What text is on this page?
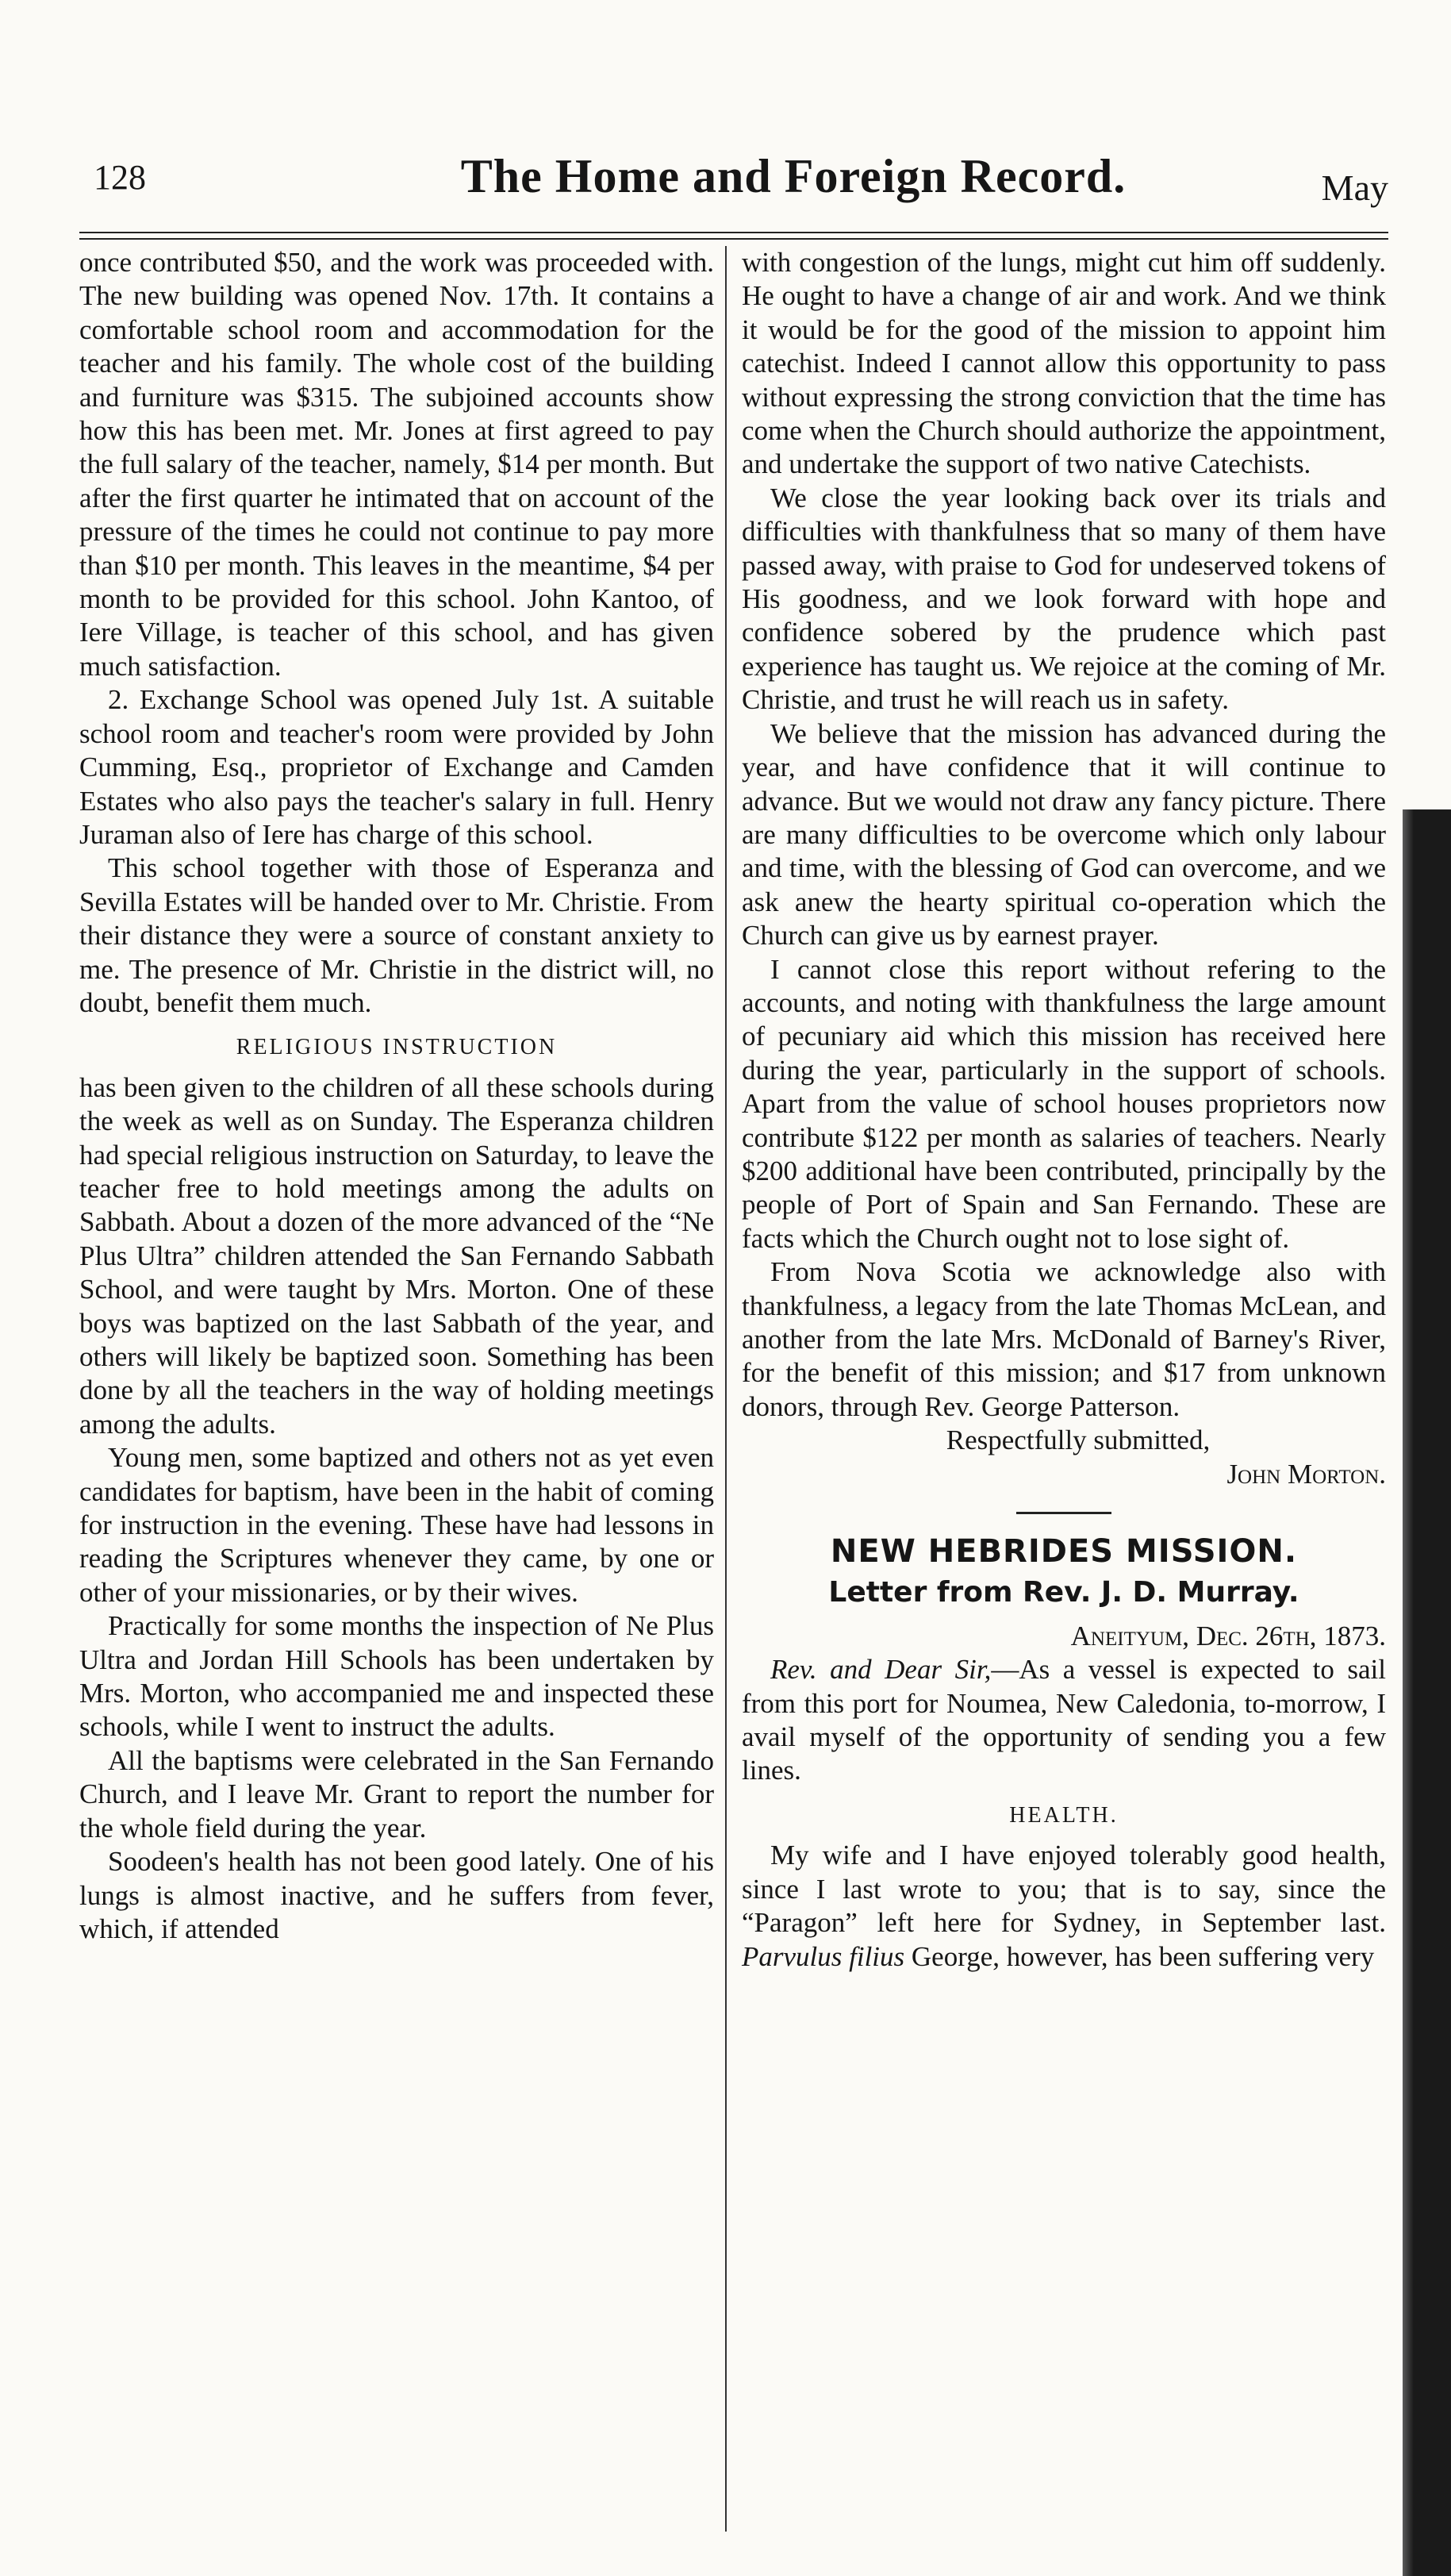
128	The Home and Foreign Record.	May

once contributed $50, and the work was proceeded with. The new building was opened Nov. 17th. It contains a comfortable school room and accommodation for the teacher and his family. The whole cost of the building and furniture was $315. The subjoined accounts show how this has been met. Mr. Jones at first agreed to pay the full salary of the teacher, namely, $14 per month. But after the first quarter he intimated that on account of the pressure of the times he could not continue to pay more than $10 per month. This leaves in the meantime, $4 per month to be provided for this school. John Kantoo, of Iere Village, is teacher of this school, and has given much satisfaction.

2. Exchange School was opened July 1st. A suitable school room and teacher's room were provided by John Cumming, Esq., proprietor of Exchange and Camden Estates who also pays the teacher's salary in full. Henry Juraman also of Iere has charge of this school.

This school together with those of Esperanza and Sevilla Estates will be handed over to Mr. Christie. From their distance they were a source of constant anxiety to me. The presence of Mr. Christie in the district will, no doubt, benefit them much.

RELIGIOUS INSTRUCTION

has been given to the children of all these schools during the week as well as on Sunday. The Esperanza children had special religious instruction on Saturday, to leave the teacher free to hold meetings among the adults on Sabbath. About a dozen of the more advanced of the “Ne Plus Ultra” children attended the San Fernando Sabbath School, and were taught by Mrs. Morton. One of these boys was baptized on the last Sabbath of the year, and others will likely be baptized soon. Something has been done by all the teachers in the way of holding meetings among the adults.

Young men, some baptized and others not as yet even candidates for baptism, have been in the habit of coming for instruction in the evening. These have had lessons in reading the Scriptures whenever they came, by one or other of your missionaries, or by their wives.

Practically for some months the inspection of Ne Plus Ultra and Jordan Hill Schools has been undertaken by Mrs. Morton, who accompanied me and inspected these schools, while I went to instruct the adults.

All the baptisms were celebrated in the San Fernando Church, and I leave Mr. Grant to report the number for the whole field during the year.

Soodeen's health has not been good lately. One of his lungs is almost inactive, and he suffers from fever, which, if attended

with congestion of the lungs, might cut him off suddenly. He ought to have a change of air and work. And we think it would be for the good of the mission to appoint him catechist. Indeed I cannot allow this opportunity to pass without expressing the strong conviction that the time has come when the Church should authorize the appointment, and undertake the support of two native Catechists.

We close the year looking back over its trials and difficulties with thankfulness that so many of them have passed away, with praise to God for undeserved tokens of His goodness, and we look forward with hope and confidence sobered by the prudence which past experience has taught us. We rejoice at the coming of Mr. Christie, and trust he will reach us in safety.

We believe that the mission has advanced during the year, and have confidence that it will continue to advance. But we would not draw any fancy picture. There are many difficulties to be overcome which only labour and time, with the blessing of God can overcome, and we ask anew the hearty spiritual co-operation which the Church can give us by earnest prayer.

I cannot close this report without refering to the accounts, and noting with thankfulness the large amount of pecuniary aid which this mission has received here during the year, particularly in the support of schools. Apart from the value of school houses proprietors now contribute $122 per month as salaries of teachers. Nearly $200 additional have been contributed, principally by the people of Port of Spain and San Fernando. These are facts which the Church ought not to lose sight of.

From Nova Scotia we acknowledge also with thankfulness, a legacy from the late Thomas McLean, and another from the late Mrs. McDonald of Barney's River, for the benefit of this mission; and $17 from unknown donors, through Rev. George Patterson.

Respectfully submitted,

John Morton.

NEW HEBRIDES MISSION.
Letter from Rev. J. D. Murray.

Aneityum, Dec. 26th, 1873.

Rev. and Dear Sir,—As a vessel is expected to sail from this port for Noumea, New Caledonia, to-morrow, I avail myself of the opportunity of sending you a few lines.

HEALTH.

My wife and I have enjoyed tolerably good health, since I last wrote to you; that is to say, since the “Paragon” left here for Sydney, in September last. Parvulus filius George, however, has been suffering very
